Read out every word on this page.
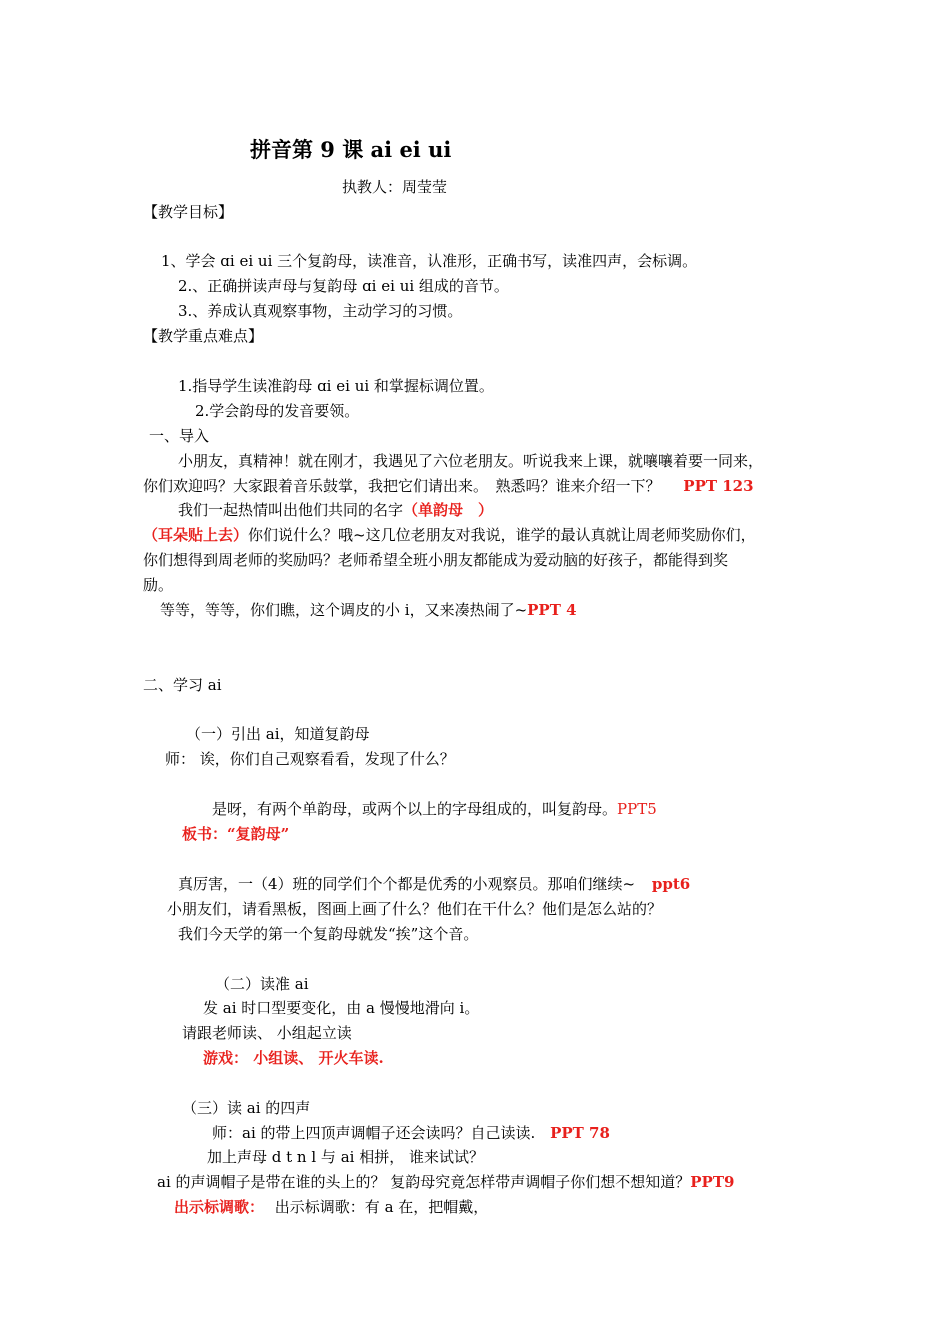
拼音第 9 课 ai ei ui
执教人：周莹莹
【教学目标】
1、学会 ɑi ei ui 三个复韵母，读准音，认准形，正确书写，读准四声，会标调。
2.、正确拼读声母与复韵母 ɑi ei ui 组成的音节。
3.、养成认真观察事物，主动学习的习惯。
【教学重点难点】
1.指导学生读准韵母 ɑi ei ui 和掌握标调位置。
2.学会韵母的发音要领。
一、导入
小朋友，真精神！就在刚才，我遇见了六位老朋友。听说我来上课，就嚷嚷着要一同来，
你们欢迎吗？大家跟着音乐鼓掌，我把它们请出来。　熟悉吗？谁来介绍一下？ PPT 123
我们一起热情叫出他们共同的名字（单韵母　）
（耳朵贴上去）你们说什么？哦~这几位老朋友对我说，谁学的最认真就让周老师奖励你们，
你们想得到周老师的奖励吗？老师希望全班小朋友都能成为爱动脑的好孩子，都能得到奖
励。
等等，等等，你们瞧，这个调皮的小 i，又来凑热闹了~PPT 4
二、学习 ai
（一）引出 ai，知道复韵母
师： 诶，你们自己观察看看，发现了什么？
是呀，有两个单韵母，或两个以上的字母组成的，叫复韵母。PPT5
板书：“复韵母”
真厉害，一（4）班的同学们个个都是优秀的小观察员。那咱们继续~ ppt6
小朋友们，请看黑板，图画上画了什么？他们在干什么？他们是怎么站的？
我们今天学的第一个复韵母就发“挨”这个音。
（二）读准 ai
发 ai 时口型要变化，由 a 慢慢地滑向 i。
请跟老师读、 小组起立读
游戏： 小组读、 开火车读.
（三）读 ai 的四声
师：ai 的带上四顶声调帽子还会读吗？自己读读. PPT 78
加上声母 d t n l 与 ai 相拼， 谁来试试？
ai 的声调帽子是带在谁的头上的？ 复韵母究竟怎样带声调帽子你们想不想知道？PPT9
出示标调歌： 出示标调歌：有 a 在，把帽戴，
